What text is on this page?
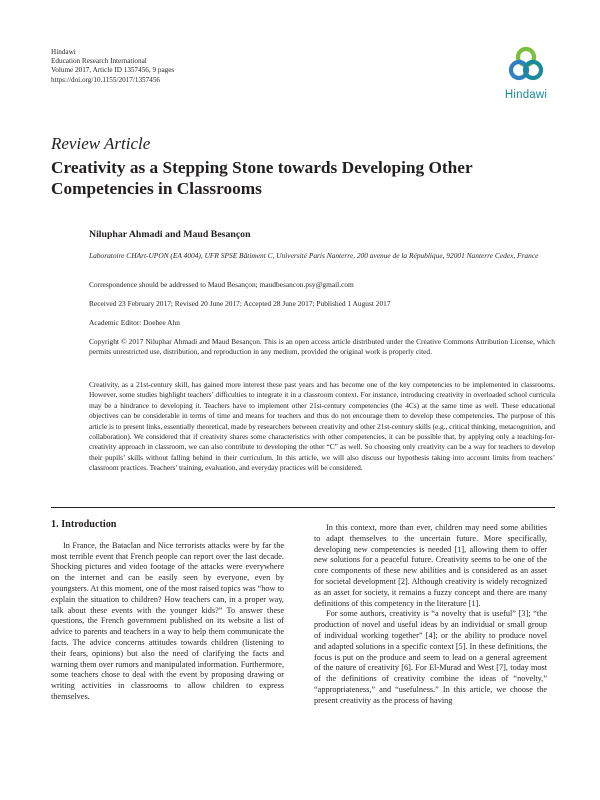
Hindawi
Education Research International
Volume 2017, Article ID 1357456, 9 pages
https://doi.org/10.1155/2017/1357456
Hindawi
Review Article
Creativity as a Stepping Stone towards Developing Other Competencies in Classrooms
Niluphar Ahmadi and Maud Besançon
Laboratoire CHArt-UPON (EA 4004), UFR SPSE Bâtiment C, Université Paris Nanterre, 200 avenue de la République, 92001 Nanterre Cedex, France
Correspondence should be addressed to Maud Besançon; maudbesancon.psy@gmail.com
Received 23 February 2017; Revised 20 June 2017; Accepted 28 June 2017; Published 1 August 2017
Academic Editor: Doehee Ahn
Copyright © 2017 Niluphar Ahmadi and Maud Besançon. This is an open access article distributed under the Creative Commons Attribution License, which permits unrestricted use, distribution, and reproduction in any medium, provided the original work is properly cited.
Creativity, as a 21st-century skill, has gained more interest these past years and has become one of the key competencies to be implemented in classrooms. However, some studies highlight teachers’ difficulties to integrate it in a classroom context. For instance, introducing creativity in overloaded school curricula may be a hindrance to developing it. Teachers have to implement other 21st-century competencies (the 4Cs) at the same time as well. These educational objectives can be considerable in terms of time and means for teachers and thus do not encourage them to develop these competencies. The purpose of this article is to present links, essentially theoretical, made by researchers between creativity and other 21st-century skills (e.g., critical thinking, metacognition, and collaboration). We considered that if creativity shares some characteristics with other competencies, it can be possible that, by applying only a teaching-for-creativity approach in classroom, we can also contribute to developing the other “C” as well. So choosing only creativity can be a way for teachers to develop their pupils’ skills without falling behind in their curriculum. In this article, we will also discuss our hypothesis taking into account limits from teachers’ classroom practices. Teachers’ training, evaluation, and everyday practices will be considered.
1. Introduction

In France, the Bataclan and Nice terrorists attacks were by far the most terrible event that French people can report over the last decade. Shocking pictures and video footage of the attacks were everywhere on the internet and can be easily seen by everyone, even by youngsters. At this moment, one of the most raised topics was “how to explain the situation to children? How teachers can, in a proper way, talk about these events with the younger kids?” To answer these questions, the French government published on its website a list of advice to parents and teachers in a way to help them communicate the facts. The advice concerns attitudes towards children (listening to their fears, opinions) but also the need of clarifying the facts and warning them over rumors and manipulated information. Furthermore, some teachers chose to deal with the event by proposing drawing or writing activities in classrooms to allow children to express themselves.

In this context, more than ever, children may need some abilities to adapt themselves to the uncertain future. More specifically, developing new competencies is needed [1], allowing them to offer new solutions for a peaceful future. Creativity seems to be one of the core components of these new abilities and is considered as an asset for societal development [2]. Although creativity is widely recognized as an asset for society, it remains a fuzzy concept and there are many definitions of this competency in the literature [1].

For some authors, creativity is “a novelty that is useful” [3]; “the production of novel and useful ideas by an individual or small group of individual working together” [4]; or the ability to produce novel and adapted solutions in a specific context [5]. In these definitions, the focus is put on the produce and seem to lead on a general agreement of the nature of creativity [6]. For El-Murad and West [7], today most of the definitions of creativity combine the ideas of “novelty,” “appropriateness,” and “usefulness.” In this article, we choose the present creativity as the process of having
